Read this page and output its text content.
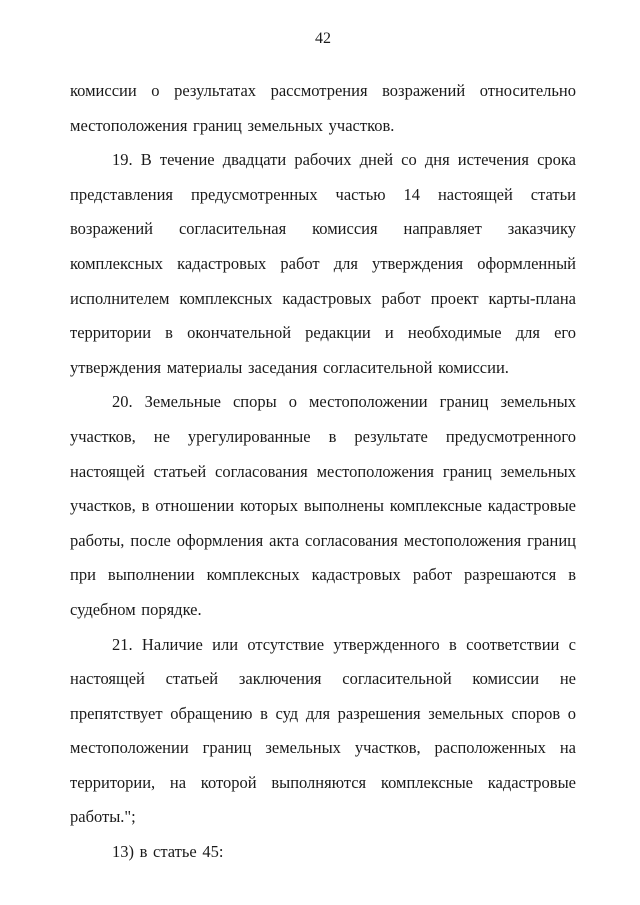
42

комиссии о результатах рассмотрения возражений относительно местоположения границ земельных участков.

19. В течение двадцати рабочих дней со дня истечения срока представления предусмотренных частью 14 настоящей статьи возражений согласительная комиссия направляет заказчику комплексных кадастровых работ для утверждения оформленный исполнителем комплексных кадастровых работ проект карты-плана территории в окончательной редакции и необходимые для его утверждения материалы заседания согласительной комиссии.

20. Земельные споры о местоположении границ земельных участков, не урегулированные в результате предусмотренного настоящей статьей согласования местоположения границ земельных участков, в отношении которых выполнены комплексные кадастровые работы, после оформления акта согласования местоположения границ при выполнении комплексных кадастровых работ разрешаются в судебном порядке.

21. Наличие или отсутствие утвержденного в соответствии с настоящей статьей заключения согласительной комиссии не препятствует обращению в суд для разрешения земельных споров о местоположении границ земельных участков, расположенных на территории, на которой выполняются комплексные кадастровые работы.";

13) в статье 45:
